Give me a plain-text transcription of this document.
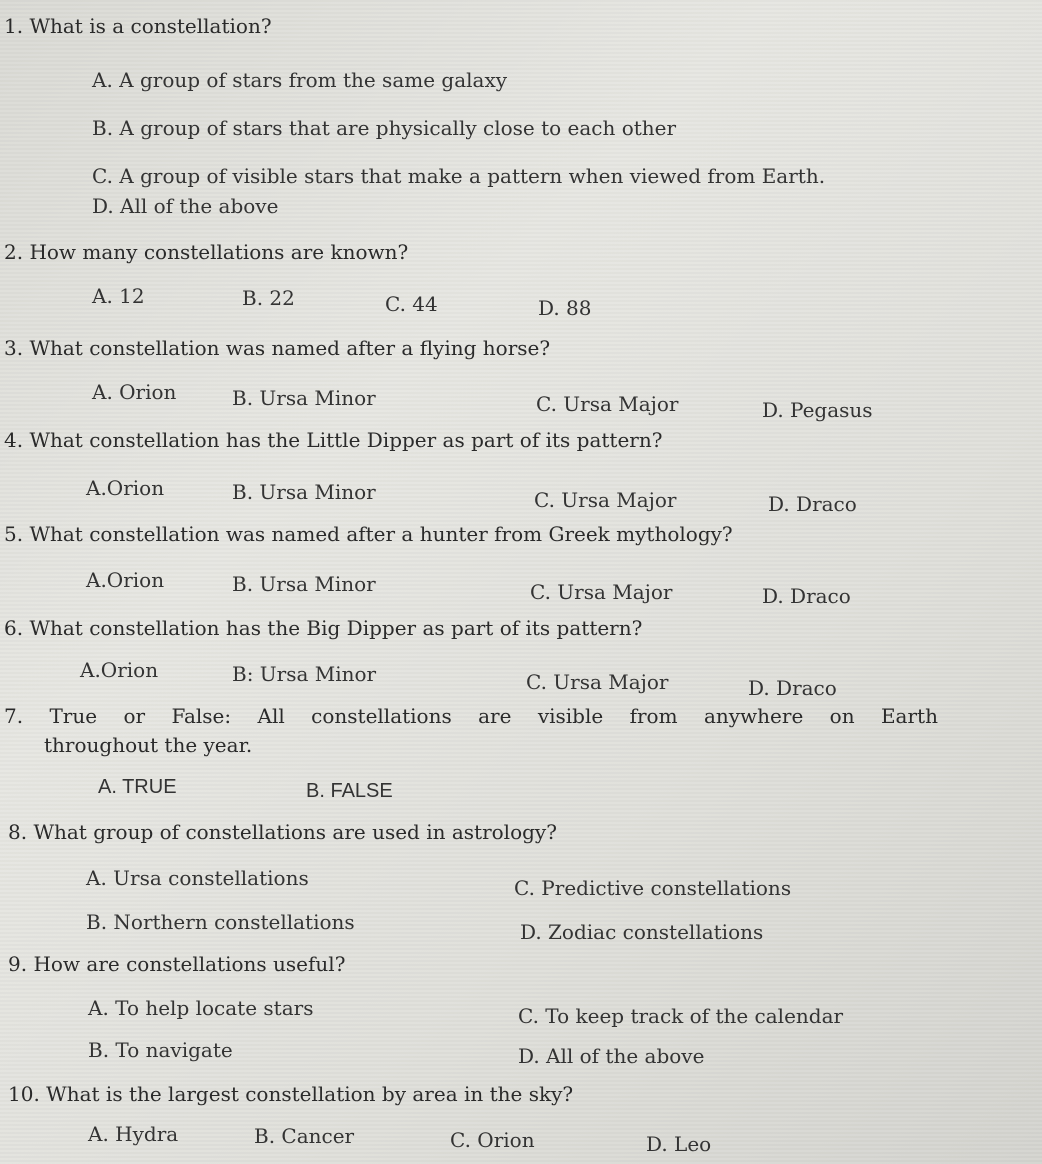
1. What is a constellation?
A. A group of stars from the same galaxy
B. A group of stars that are physically close to each other
C. A group of visible stars that make a pattern when viewed from Earth.
D. All of the above
2. How many constellations are known?
A. 12	B. 22	C. 44	D. 88
3. What constellation was named after a flying horse?
A. Orion	B. Ursa Minor	C. Ursa Major	D. Pegasus
4. What constellation has the Little Dipper as part of its pattern?
A.Orion	B. Ursa Minor	C. Ursa Major	D. Draco
5. What constellation was named after a hunter from Greek mythology?
A.Orion	B. Ursa Minor	C. Ursa Major	D. Draco
6. What constellation has the Big Dipper as part of its pattern?
A.Orion	B: Ursa Minor	C. Ursa Major	D. Draco
7. True or False: All constellations are visible from anywhere on Earth
throughout the year.
A. TRUE	B. FALSE
8. What group of constellations are used in astrology?
A. Ursa constellations
B. Northern constellations
C. Predictive constellations
D. Zodiac constellations
9. How are constellations useful?
A. To help locate stars
B. To navigate
C. To keep track of the calendar
D. All of the above
10. What is the largest constellation by area in the sky?
A. Hydra	B. Cancer	C. Orion	D. Leo
